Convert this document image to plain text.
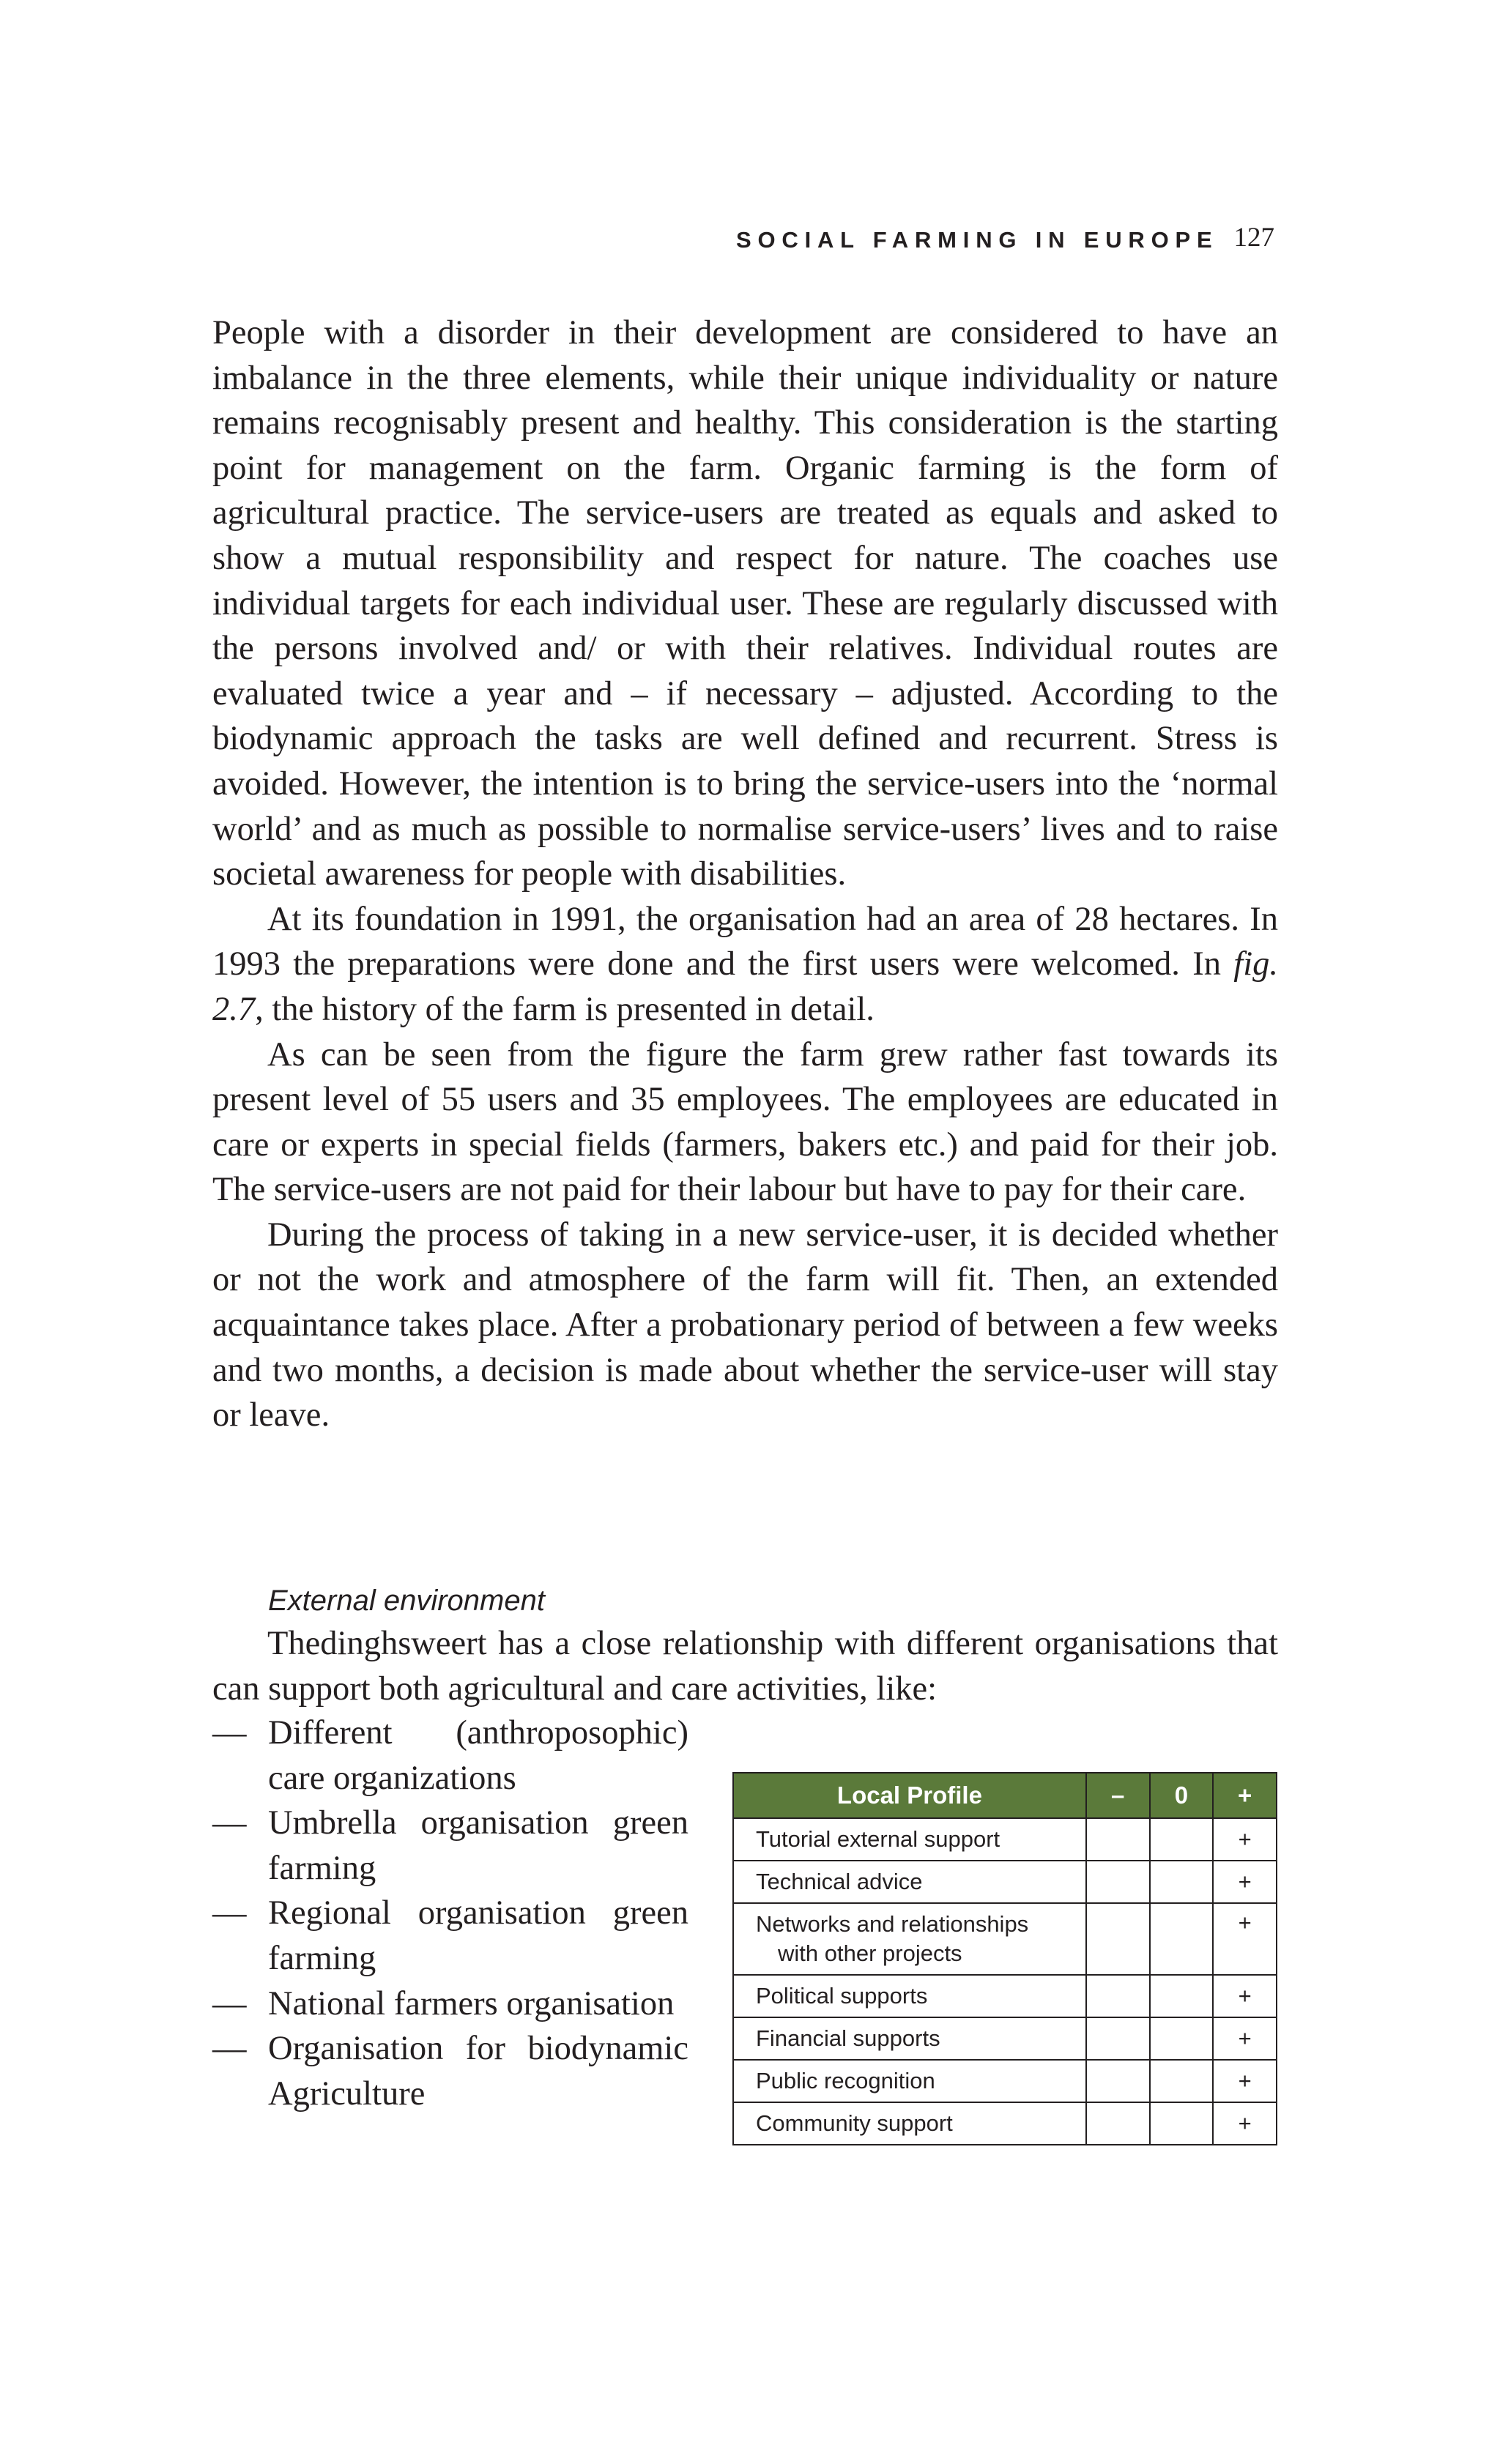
SOCIAL FARMING IN EUROPE 127

People with a disorder in their development are considered to have an imbalance in the three elements, while their unique individuality or nature remains recognisably present and healthy. This consideration is the starting point for management on the farm. Organic farming is the form of agricultural practice. The service-users are treated as equals and asked to show a mutual responsibility and respect for nature. The coaches use individual targets for each individual user. These are regularly discussed with the persons involved and/ or with their relatives. Individual routes are evaluated twice a year and – if necessary – adjusted. According to the biodynamic approach the tasks are well defined and recurrent. Stress is avoided. However, the intention is to bring the service-users into the ‘normal world’ and as much as possible to normalise service-users’ lives and to raise societal awareness for people with disabilities.

At its foundation in 1991, the organisation had an area of 28 hectares. In 1993 the preparations were done and the first users were welcomed. In fig. 2.7, the history of the farm is presented in detail.

As can be seen from the figure the farm grew rather fast towards its present level of 55 users and 35 employees. The employees are educated in care or experts in special fields (farmers, bakers etc.) and paid for their job. The service-users are not paid for their labour but have to pay for their care.

During the process of taking in a new service-user, it is decided whether or not the work and atmosphere of the farm will fit. Then, an extended acquaintance takes place. After a probationary period of between a few weeks and two months, a decision is made about whether the service-user will stay or leave.

External environment

Thedinghsweert has a close relationship with different organisations that can support both agricultural and care activities, like:

— Different (anthroposophic) care organizations
— Umbrella organisation green farming
— Regional organisation green farming
— National farmers organisation
— Organisation for biodynamic Agriculture
Local Profile	–	0	+
Tutorial external support			+
Technical advice			+
Networks and relationships
with other projects			+
Political supports			+
Financial supports			+
Public recognition			+
Community support			+
